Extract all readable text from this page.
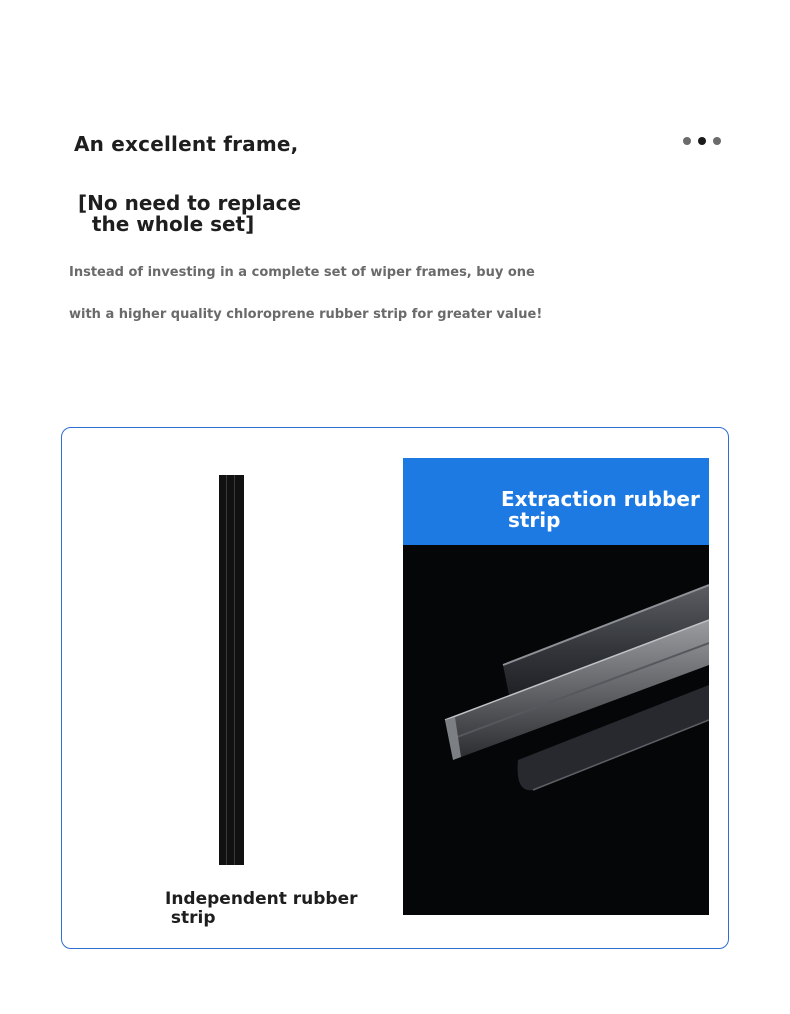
An excellent frame,
[No need to replace
the whole set]
Instead of investing in a complete set of wiper frames, buy one
with a higher quality chloroprene rubber strip for greater value!
Independent rubber
strip
Extraction rubber
strip
